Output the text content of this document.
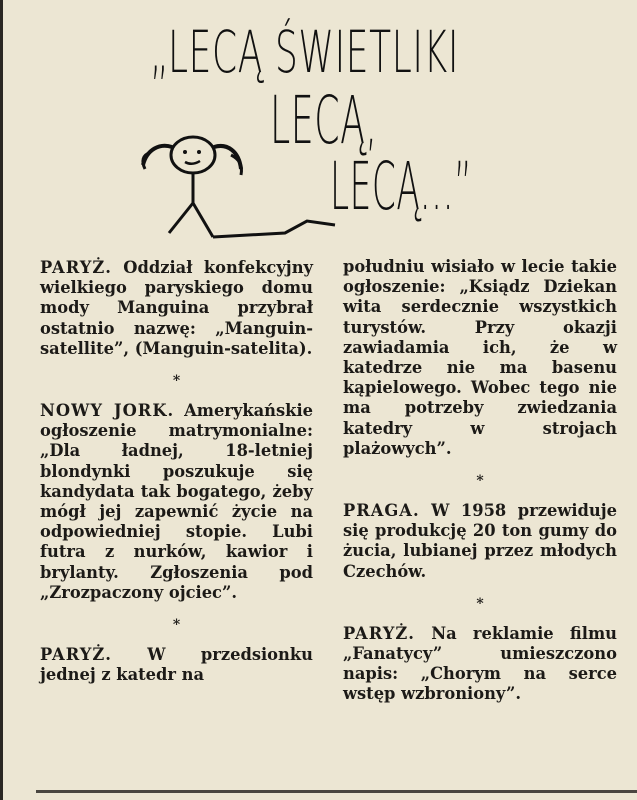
„LECĄ ŚWIETLIKI
LECĄ,
LECĄ...”

PARYŻ. Oddział konfekcyjny wielkiego paryskiego domu mody Manguina przybrał ostatnio nazwę: „Manguin-satellite”, (Manguin-satelita).

*

NOWY JORK. Amerykańskie ogłoszenie matrymonialne: „Dla ładnej, 18-letniej blondynki poszukuje się kandydata tak bogatego, żeby mógł jej zapewnić życie na odpowiedniej stopie. Lubi futra z nurków, kawior i brylanty. Zgłoszenia pod „Zrozpaczony ojciec”.

*

PARYŻ. W przedsionku jednej z katedr na

południu wisiało w lecie takie ogłoszenie: „Ksiądz Dziekan wita serdecznie wszystkich turystów. Przy okazji zawiadamia ich, że w katedrze nie ma basenu kąpielowego. Wobec tego nie ma potrzeby zwiedzania katedry w strojach plażowych”.

*

PRAGA. W 1958 przewiduje się produkcję 20 ton gumy do żucia, lubianej przez młodych Czechów.

*

PARYŻ. Na reklamie filmu „Fanatycy” umieszczono napis: „Chorym na serce wstęp wzbroniony”.
